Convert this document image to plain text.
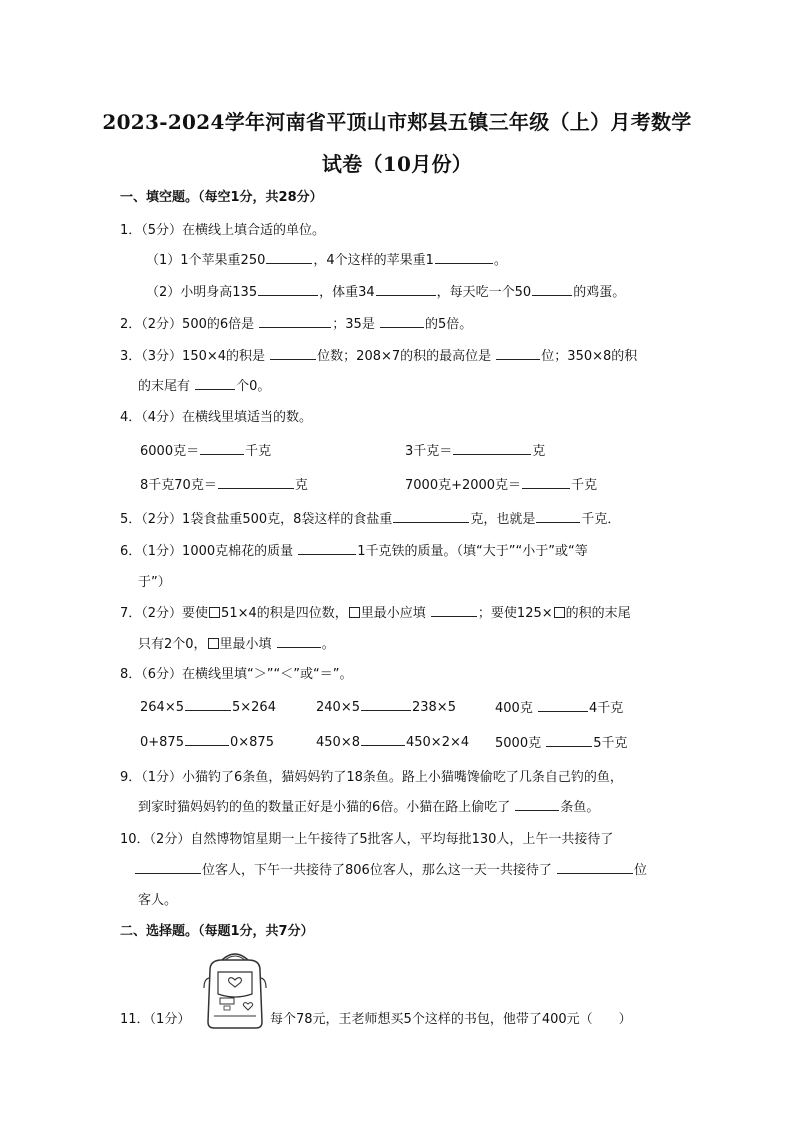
2023-2024学年河南省平顶山市郏县五镇三年级（上）月考数学
试卷（10月份）
一、填空题。（每空1分，共28分）
1．（5分）在横线上填合适的单位。
（1）1个苹果重250	，4个这样的苹果重1	。
（2）小明身高135	，体重34	，每天吃一个50	的鸡蛋。
2．（2分）500的6倍是	；35是	的5倍。
3．（3分）150×4的积是	位数；208×7的积的最高位是	位；350×8的积
的末尾有	个0。
4．（4分）在横线里填适当的数。
6000克＝	千克	3千克＝	克
8千克70克＝	克	7000克+2000克＝	千克
5．（2分）1袋食盐重500克，8袋这样的食盐重	克，也就是	千克．
6．（1分）1000克棉花的质量	1千克铁的质量。（填“大于”“小于”或“等
于”）
7．（2分）要使 51×4的积是四位数， 里最小应填	；要使125× 的积的末尾
只有2个0， 里最小填	。
8．（6分）在横线里填“＞”“＜”或“＝”。
264×5	5×264	240×5	238×5	400克	4千克
0+875	0×875	450×8	450×2×4 5000克	5千克
9．（1分）小猫钓了6条鱼，猫妈妈钓了18条鱼。路上小猫嘴馋偷吃了几条自己钓的鱼，
到家时猫妈妈钓的鱼的数量正好是小猫的6倍。小猫在路上偷吃了	条鱼。
10．（2分）自然博物馆星期一上午接待了5批客人，平均每批130人，上午一共接待了
位客人，下午一共接待了806位客人，那么这一天一共接待了	位
客人。
二、选择题。（每题1分，共7分）
11．（1分）	每个78元，王老师想买5个这样的书包，他带了400元（　　）
